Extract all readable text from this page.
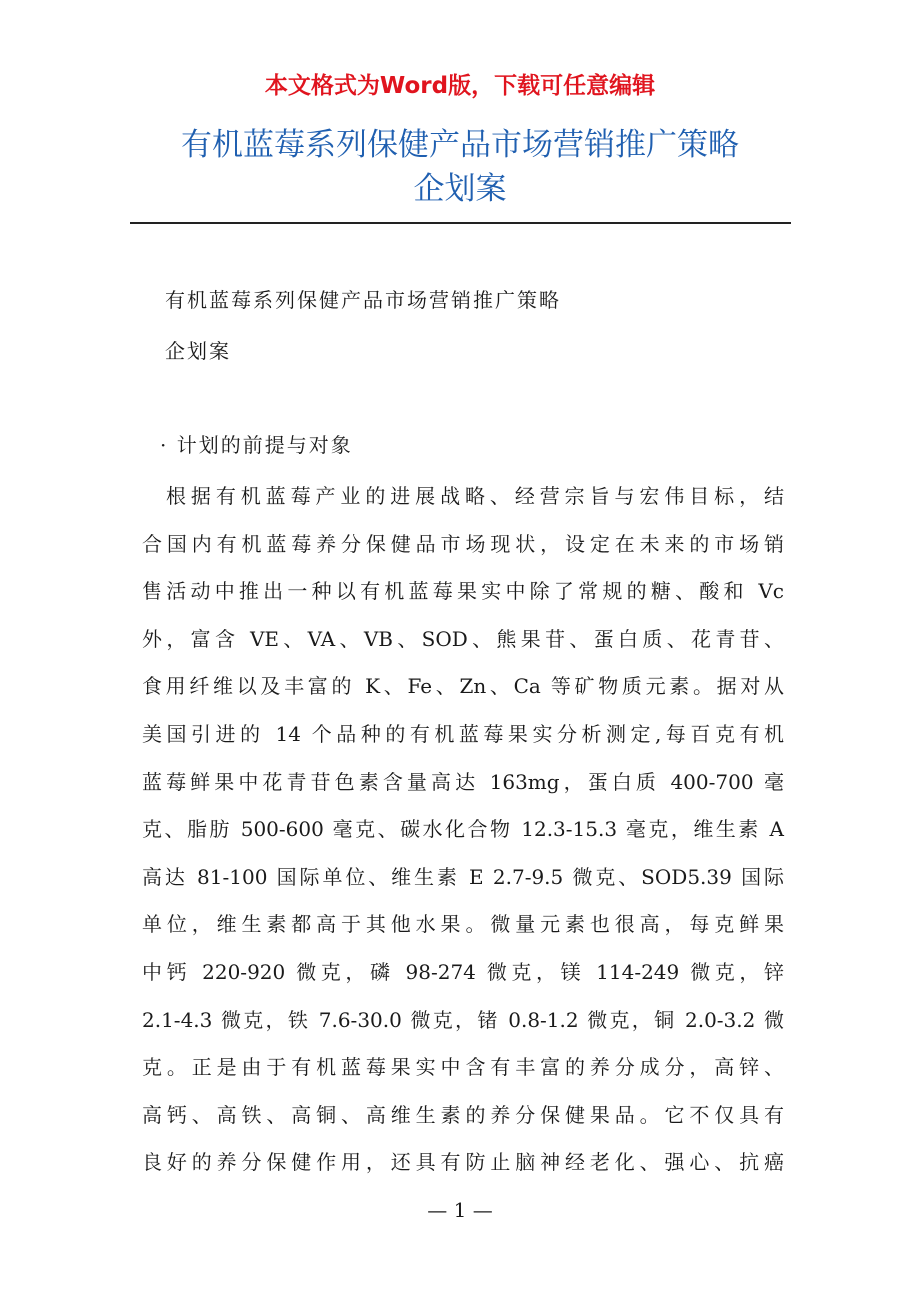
本文格式为Word版，下载可任意编辑
有机蓝莓系列保健产品市场营销推广策略
企划案

有机蓝莓系列保健产品市场营销推广策略

企划案

· 计划的前提与对象

根据有机蓝莓产业的进展战略、经营宗旨与宏伟目标，结
合国内有机蓝莓养分保健品市场现状，设定在未来的市场销
售活动中推出一种以有机蓝莓果实中除了常规的糖、酸和 Vc
外，富含 VE、VA、VB、SOD、熊果苷、蛋白质、花青苷、
食用纤维以及丰富的 K、Fe、Zn、Ca 等矿物质元素。据对从
美国引进的 14 个品种的有机蓝莓果实分析测定,每百克有机
蓝莓鲜果中花青苷色素含量高达 163mg，蛋白质 400-700 毫
克、脂肪 500-600 毫克、碳水化合物 12.3-15.3 毫克，维生素 A
高达 81-100 国际单位、维生素 E 2.7-9.5 微克、SOD5.39 国际
单位，维生素都高于其他水果。微量元素也很高，每克鲜果
中钙 220-920 微克，磷 98-274 微克，镁 114-249 微克，锌
2.1-4.3 微克，铁 7.6-30.0 微克，锗 0.8-1.2 微克，铜 2.0-3.2 微
克。正是由于有机蓝莓果实中含有丰富的养分成分，高锌、
高钙、高铁、高铜、高维生素的养分保健果品。它不仅具有
良好的养分保健作用，还具有防止脑神经老化、强心、抗癌
— 1 —
